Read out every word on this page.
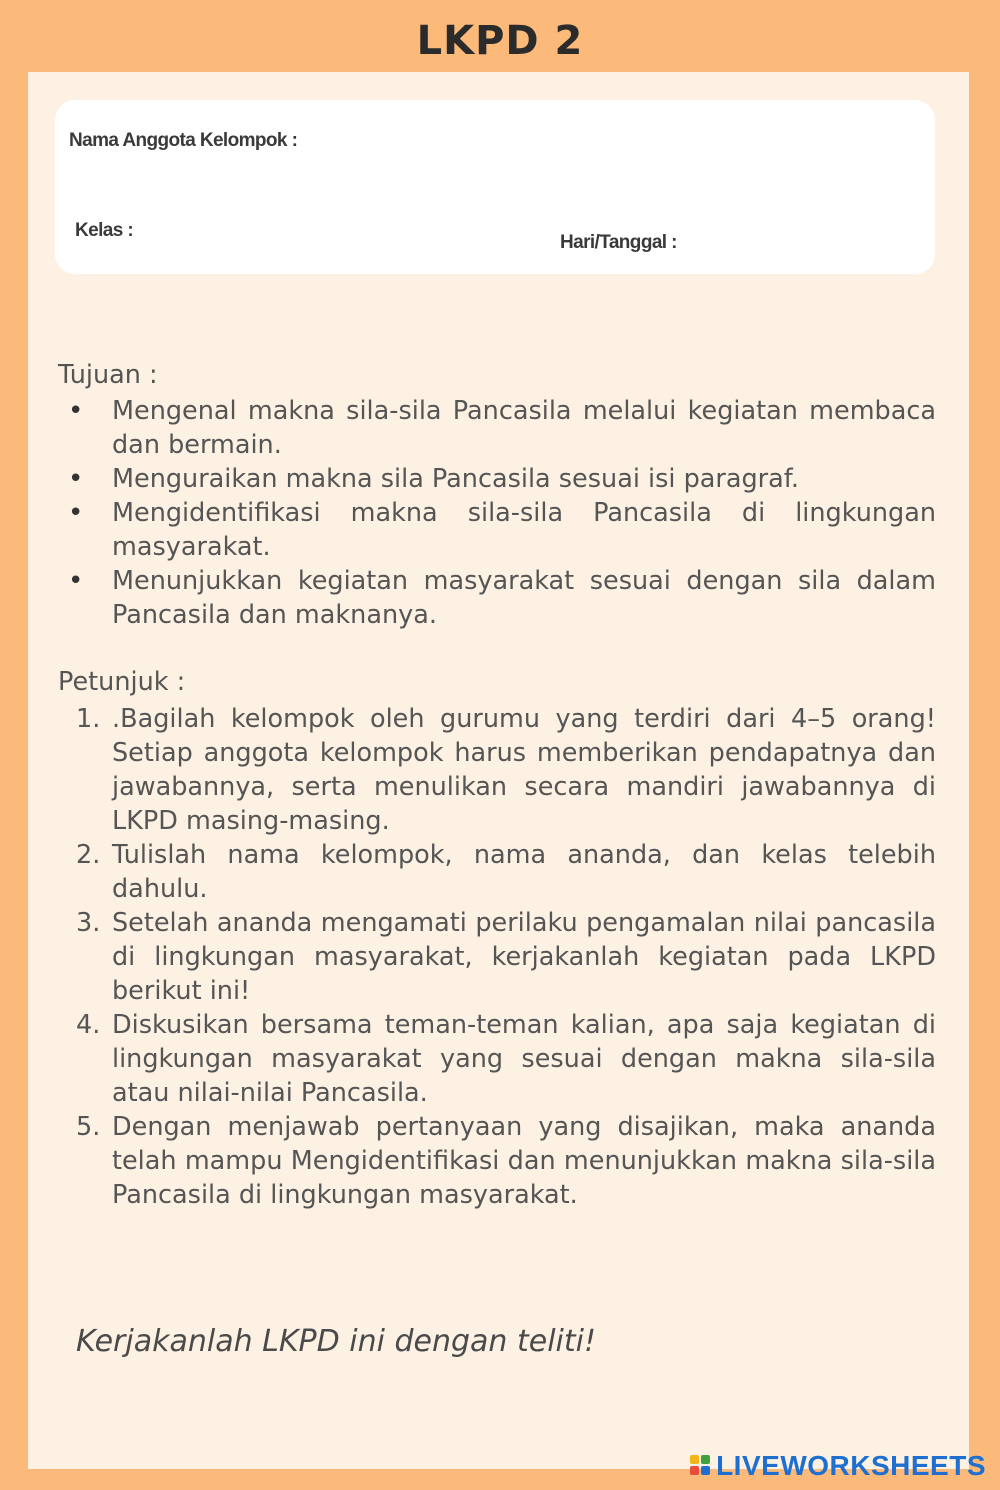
LKPD 2
Nama Anggota Kelompok :
Kelas :
Hari/Tanggal :
Tujuan :
• Mengenal makna sila-sila Pancasila melalui kegiatan membaca dan bermain.
• Menguraikan makna sila Pancasila sesuai isi paragraf.
• Mengidentifikasi makna sila-sila Pancasila di lingkungan masyarakat.
• Menunjukkan kegiatan masyarakat sesuai dengan sila dalam Pancasila dan maknanya.
Petunjuk :
1. .Bagilah kelompok oleh gurumu yang terdiri dari 4–5 orang! Setiap anggota kelompok harus memberikan pendapatnya dan jawabannya, serta menulikan secara mandiri jawabannya di LKPD masing-masing.
2. Tulislah nama kelompok, nama ananda, dan kelas telebih dahulu.
3. Setelah ananda mengamati perilaku pengamalan nilai pancasila di lingkungan masyarakat, kerjakanlah kegiatan pada LKPD berikut ini!
4. Diskusikan bersama teman-teman kalian, apa saja kegiatan di lingkungan masyarakat yang sesuai dengan makna sila-sila atau nilai-nilai Pancasila.
5. Dengan menjawab pertanyaan yang disajikan, maka ananda telah mampu Mengidentifikasi dan menunjukkan makna sila-sila Pancasila di lingkungan masyarakat.
Kerjakanlah LKPD ini dengan teliti!
LIVEWORKSHEETS
